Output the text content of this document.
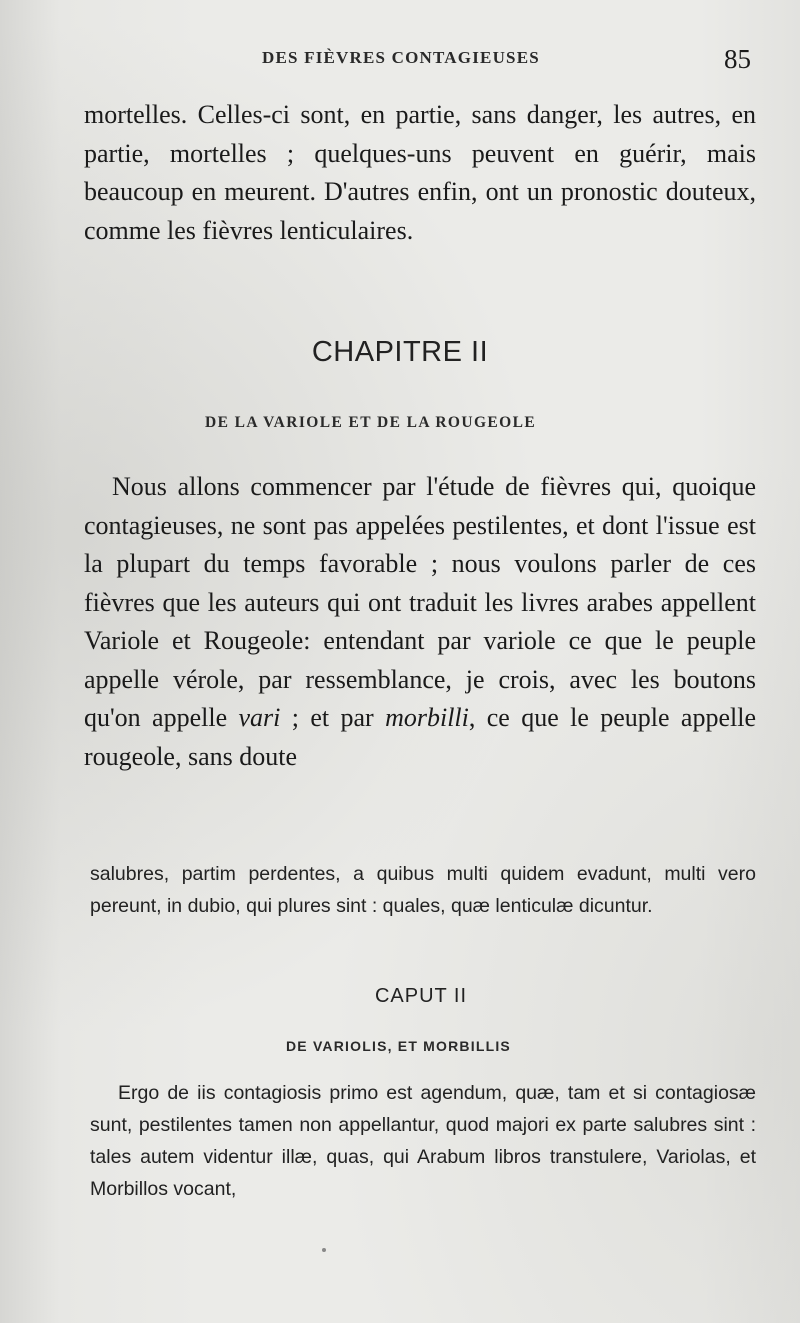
DES FIÈVRES CONTAGIEUSES	85

mortelles. Celles-ci sont, en partie, sans danger, les autres, en partie, mortelles ; quelques-uns peuvent en guérir, mais beaucoup en meurent. D'autres enfin, ont un pronostic douteux, comme les fièvres lenticulaires.

CHAPITRE II
DE LA VARIOLE ET DE LA ROUGEOLE

Nous allons commencer par l'étude de fièvres qui, quoique contagieuses, ne sont pas appelées pestilentes, et dont l'issue est la plupart du temps favorable ; nous voulons parler de ces fièvres que les auteurs qui ont traduit les livres arabes appellent Variole et Rougeole: entendant par variole ce que le peuple appelle vérole, par ressemblance, je crois, avec les boutons qu'on appelle vari ; et par morbilli, ce que le peuple appelle rougeole, sans doute

salubres, partim perdentes, a quibus multi quidem evadunt, multi vero pereunt, in dubio, qui plures sint : quales, quæ lenticulæ dicuntur.

CAPUT II
DE VARIOLIS, ET MORBILLIS

Ergo de iis contagiosis primo est agendum, quæ, tam et si contagiosæ sunt, pestilentes tamen non appellantur, quod majori ex parte salubres sint : tales autem videntur illæ, quas, qui Arabum libros transtulere, Variolas, et Morbillos vocant,
